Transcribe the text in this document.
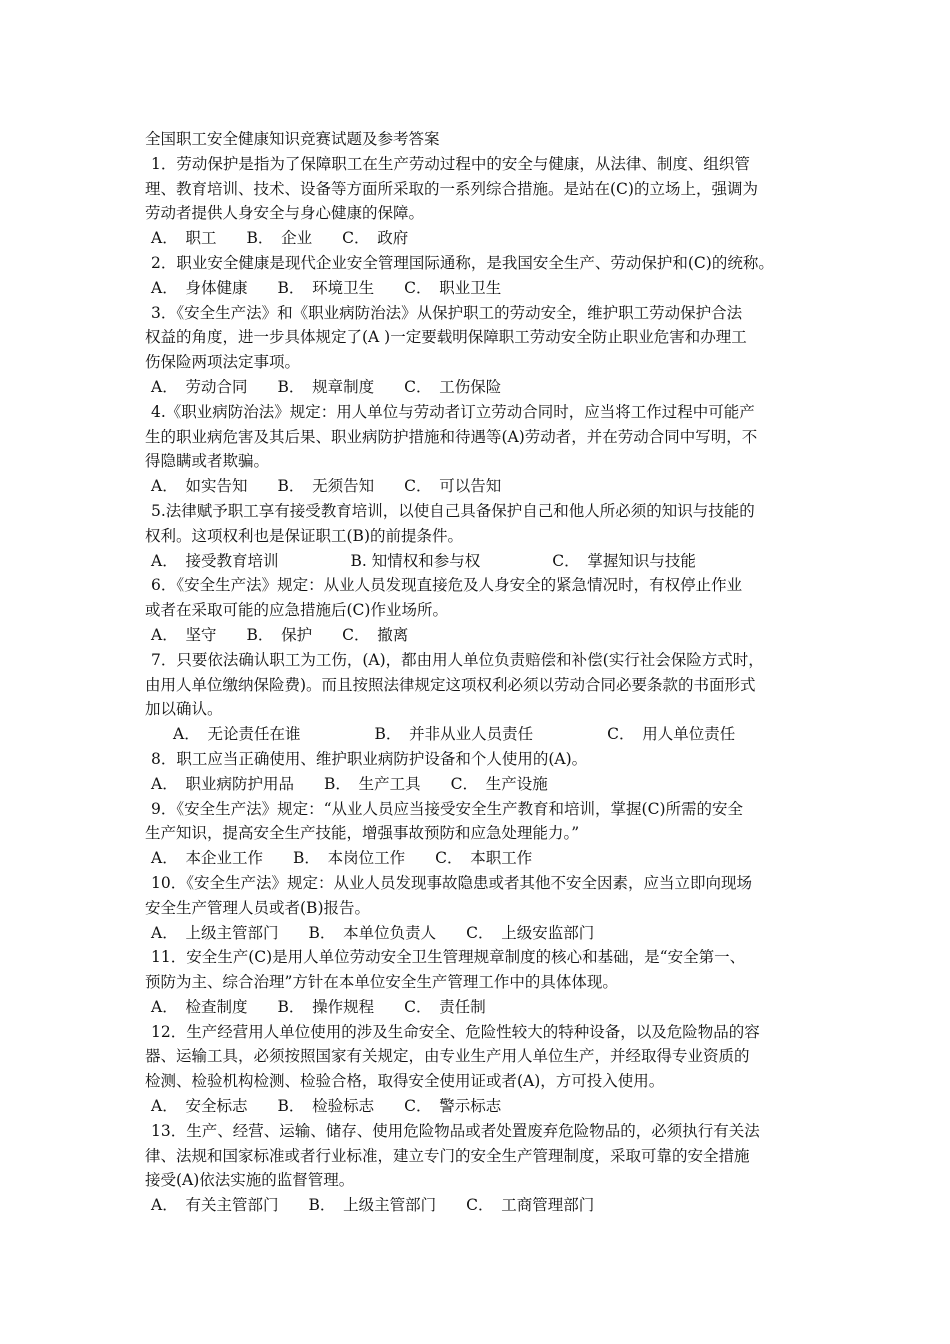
全国职工安全健康知识竞赛试题及参考答案
1．劳动保护是指为了保障职工在生产劳动过程中的安全与健康，从法律、制度、组织管
理、教育培训、技术、设备等方面所采取的一系列综合措施。是站在(C)的立场上，强调为
劳动者提供人身安全与身心健康的保障。
A．　职工 B．　企业 C．　政府
2．职业安全健康是现代企业安全管理国际通称，是我国安全生产、劳动保护和(C)的统称。
A．　身体健康 B．　环境卫生 C．　职业卫生
3．《安全生产法》和《职业病防治法》从保护职工的劳动安全，维护职工劳动保护合法
权益的角度，进一步具体规定了(A )一定要载明保障职工劳动安全防止职业危害和办理工
伤保险两项法定事项。
A．　劳动合同 B．　规章制度 C．　工伤保险
4.《职业病防治法》规定：用人单位与劳动者订立劳动合同时，应当将工作过程中可能产
生的职业病危害及其后果、职业病防护措施和待遇等(A)劳动者，并在劳动合同中写明，不
得隐瞒或者欺骗。
A．　如实告知 B．　无须告知 C．　可以告知
5.法律赋予职工享有接受教育培训，以使自己具备保护自己和他人所必须的知识与技能的
权利。这项权利也是保证职工(B)的前提条件。
A．　接受教育培训	B. 知情权和参与权	C．　掌握知识与技能
6．《安全生产法》规定：从业人员发现直接危及人身安全的紧急情况时，有权停止作业
或者在采取可能的应急措施后(C)作业场所。
A．　坚守 B．　保护 C．　撤离
7．只要依法确认职工为工伤，(A)，都由用人单位负责赔偿和补偿(实行社会保险方式时，
由用人单位缴纳保险费)。而且按照法律规定这项权利必须以劳动合同必要条款的书面形式
加以确认。
A．　无论责任在谁	B．　并非从业人员责任	C．　用人单位责任
8．职工应当正确使用、维护职业病防护设备和个人使用的(A)。
A．　职业病防护用品 B．　生产工具 C．　生产设施
9．《安全生产法》规定：“从业人员应当接受安全生产教育和培训，掌握(C)所需的安全
生产知识，提高安全生产技能，增强事故预防和应急处理能力。”
A．　本企业工作 B．　本岗位工作 C．　本职工作
10．《安全生产法》规定：从业人员发现事故隐患或者其他不安全因素，应当立即向现场
安全生产管理人员或者(B)报告。
A．　上级主管部门 B．　本单位负责人 C．　上级安监部门
11．安全生产(C)是用人单位劳动安全卫生管理规章制度的核心和基础，是“安全第一、
预防为主、综合治理”方针在本单位安全生产管理工作中的具体体现。
A．　检查制度 B．　操作规程 C．　责任制
12．生产经营用人单位使用的涉及生命安全、危险性较大的特种设备，以及危险物品的容
器、运输工具，必须按照国家有关规定，由专业生产用人单位生产，并经取得专业资质的
检测、检验机构检测、检验合格，取得安全使用证或者(A)，方可投入使用。
A．　安全标志 B．　检验标志 C．　警示标志
13．生产、经营、运输、储存、使用危险物品或者处置废弃危险物品的，必须执行有关法
律、法规和国家标准或者行业标准，建立专门的安全生产管理制度，采取可靠的安全措施
接受(A)依法实施的监督管理。
A．　有关主管部门 B．　上级主管部门 C．　工商管理部门
